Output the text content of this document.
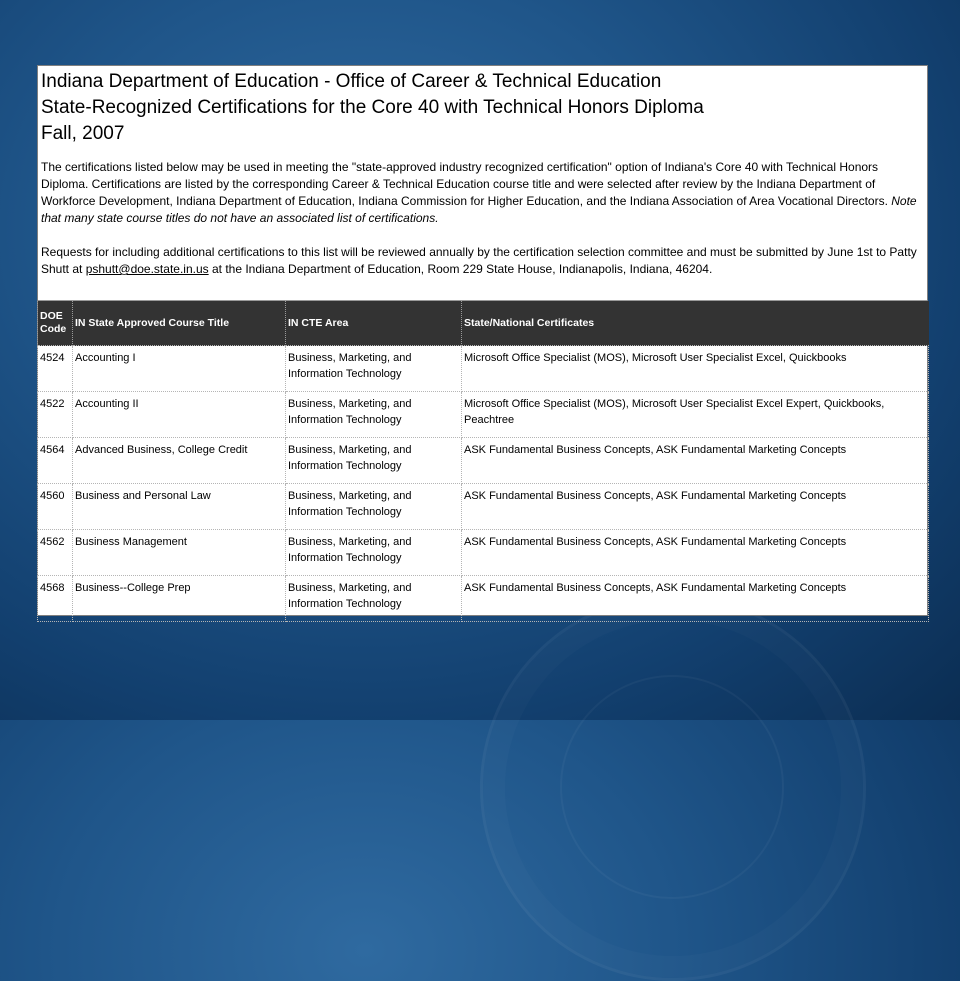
Indiana Department of Education - Office of Career & Technical Education
State-Recognized Certifications for the Core 40 with Technical Honors Diploma
Fall, 2007
The certifications listed below may be used in meeting the "state-approved industry recognized certification" option of Indiana's Core 40 with Technical Honors Diploma. Certifications are listed by the corresponding Career & Technical Education course title and were selected after review by the Indiana Department of Workforce Development, Indiana Department of Education, Indiana Commission for Higher Education, and the Indiana Association of Area Vocational Directors. Note that many state course titles do not have an associated list of certifications.
Requests for including additional certifications to this list will be reviewed annually by the certification selection committee and must be submitted by June 1st to Patty Shutt at pshutt@doe.state.in.us at the Indiana Department of Education, Room 229 State House, Indianapolis, Indiana, 46204.
DOE Code	IN State Approved Course Title	IN CTE Area	State/National Certificates
4524	Accounting I	Business, Marketing, and Information Technology	Microsoft Office Specialist (MOS), Microsoft User Specialist Excel, Quickbooks
4522	Accounting II	Business, Marketing, and Information Technology	Microsoft Office Specialist (MOS), Microsoft User Specialist Excel Expert, Quickbooks, Peachtree
4564	Advanced Business, College Credit	Business, Marketing, and Information Technology	ASK Fundamental Business Concepts, ASK Fundamental Marketing Concepts
4560	Business and Personal Law	Business, Marketing, and Information Technology	ASK Fundamental Business Concepts, ASK Fundamental Marketing Concepts
4562	Business Management	Business, Marketing, and Information Technology	ASK Fundamental Business Concepts, ASK Fundamental Marketing Concepts
4568	Business--College Prep	Business, Marketing, and Information Technology	ASK Fundamental Business Concepts, ASK Fundamental Marketing Concepts
